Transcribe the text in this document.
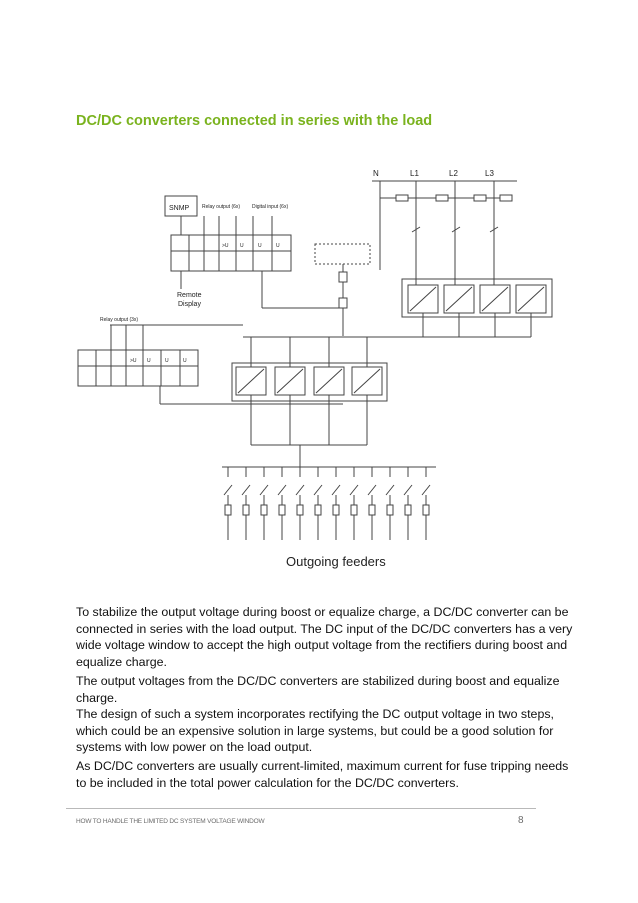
DC/DC converters connected in series with the load
N	L1	L2	L3
SNMP	Relay output (6x) Digital input (6x)
>U U	U	U
Remote
Display
Relay output (3x)
>U U	U	U
Outgoing feeders

To stabilize the output voltage during boost or equalize charge, a DC/DC converter can be connected in series with the load output. The DC input of the DC/DC converters has a very wide voltage window to accept the high output voltage from the rectifiers during boost and equalize charge.

The output voltages from the DC/DC converters are stabilized during boost and equalize charge.

The design of such a system incorporates rectifying the DC output voltage in two steps, which could be an expensive solution in large systems, but could be a good solution for systems with low power on the load output.

As DC/DC converters are usually current-limited, maximum current for fuse tripping needs to be included in the total power calculation for the DC/DC converters.

HOW TO HANDLE THE LIMITED DC SYSTEM VOLTAGE WINDOW	8
